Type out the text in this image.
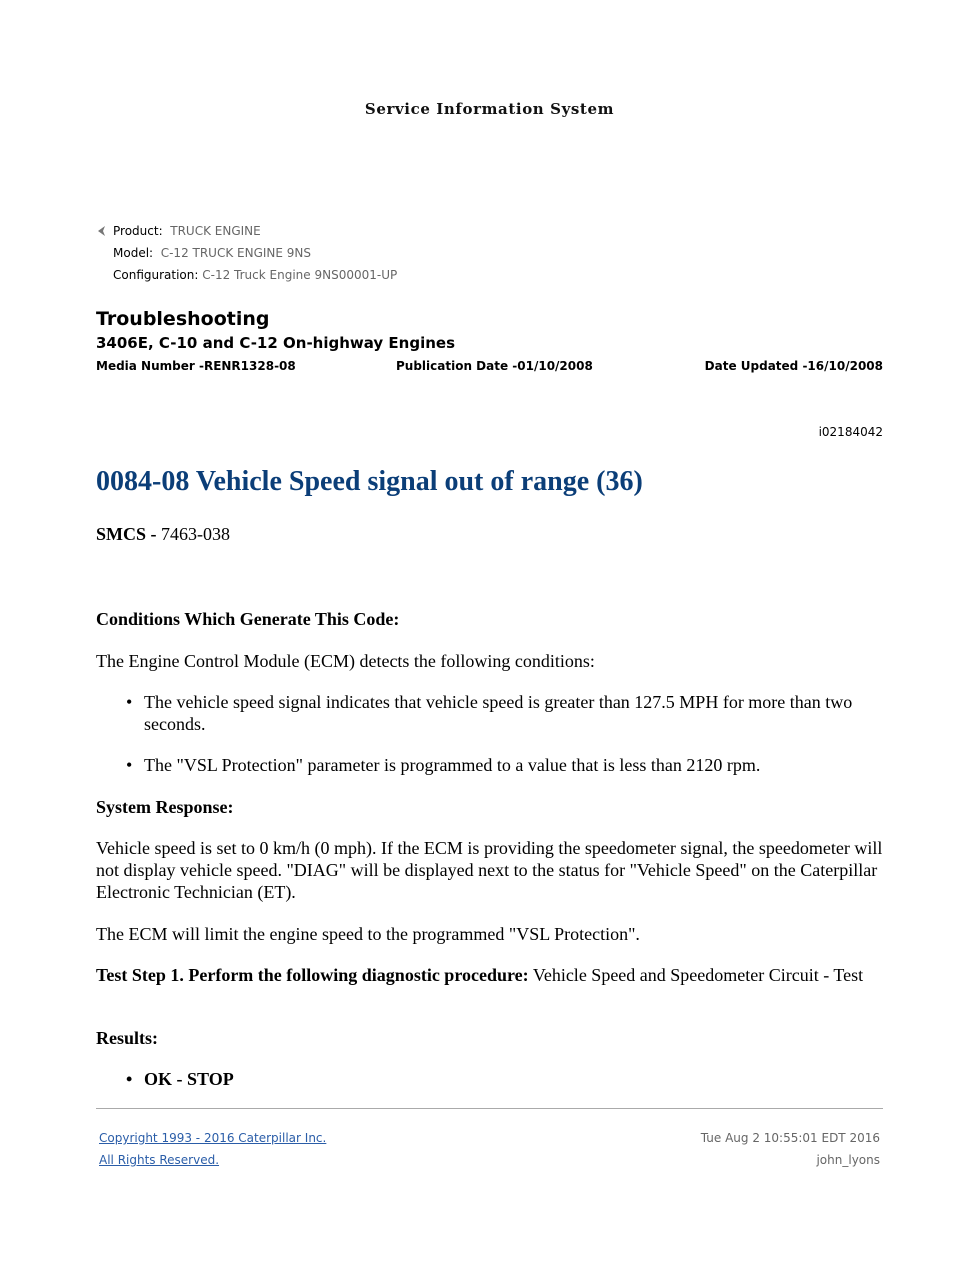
Service Information System
Product: TRUCK ENGINE
Model: C-12 TRUCK ENGINE 9NS
Configuration: C-12 Truck Engine 9NS00001-UP
Troubleshooting
3406E, C-10 and C-12 On-highway Engines
Media Number -RENR1328-08	Publication Date -01/10/2008	Date Updated -16/10/2008
i02184042
0084-08 Vehicle Speed signal out of range (36)
SMCS - 7463-038
Conditions Which Generate This Code:
The Engine Control Module (ECM) detects the following conditions:
• The vehicle speed signal indicates that vehicle speed is greater than 127.5 MPH for more than two seconds.
• The "VSL Protection" parameter is programmed to a value that is less than 2120 rpm.
System Response:
Vehicle speed is set to 0 km/h (0 mph). If the ECM is providing the speedometer signal, the speedometer will not display vehicle speed. "DIAG" will be displayed next to the status for "Vehicle Speed" on the Caterpillar Electronic Technician (ET).
The ECM will limit the engine speed to the programmed "VSL Protection".
Test Step 1. Perform the following diagnostic procedure: Vehicle Speed and Speedometer Circuit - Test
Results:
• OK - STOP
Copyright 1993 - 2016 Caterpillar Inc.
All Rights Reserved.
Tue Aug 2 10:55:01 EDT 2016
john_lyons
